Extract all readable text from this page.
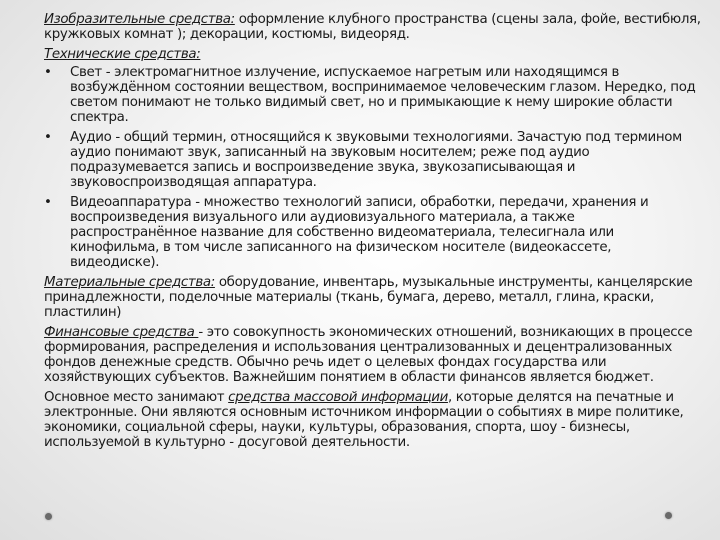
Изобразительные средства: оформление клубного пространства (сцены зала, фойе, вестибюля, кружковых комнат ); декорации, костюмы, видеоряд.

Технические средства:

• Свет - электромагнитное излучение, испускаемое нагретым или находящимся в возбуждённом состоянии веществом, воспринимаемое человеческим глазом. Нередко, под светом понимают не только видимый свет, но и примыкающие к нему широкие области спектра.
• Аудио - общий термин, относящийся к звуковыми технологиями. Зачастую под термином аудио понимают звук, записанный на звуковым носителем; реже под аудио подразумевается запись и воспроизведение звука, звукозаписывающая и звуковоспроизводящая аппаратура.
• Видеоаппаратура - множество технологий записи, обработки, передачи, хранения и воспроизведения визуального или аудиовизуального материала, а также распространённое название для собственно видеоматериала, телесигнала или кинофильма, в том числе записанного на физическом носителе (видеокассете, видеодиске).

Материальные средства: оборудование, инвентарь, музыкальные инструменты, канцелярские принадлежности, поделочные материалы (ткань, бумага, дерево, металл, глина, краски, пластилин)

Финансовые средства - это совокупность экономических отношений, возникающих в процессе формирования, распределения и использования централизованных и децентрализованных фондов денежные средств. Обычно речь идет о целевых фондах государства или хозяйствующих субъектов. Важнейшим понятием в области финансов является бюджет.

Основное место занимают средства массовой информации, которые делятся на печатные и электронные. Они являются основным источником информации о событиях в мире политике, экономики, социальной сферы, науки, культуры, образования, спорта, шоу - бизнесы, используемой в культурно - досуговой деятельности.
